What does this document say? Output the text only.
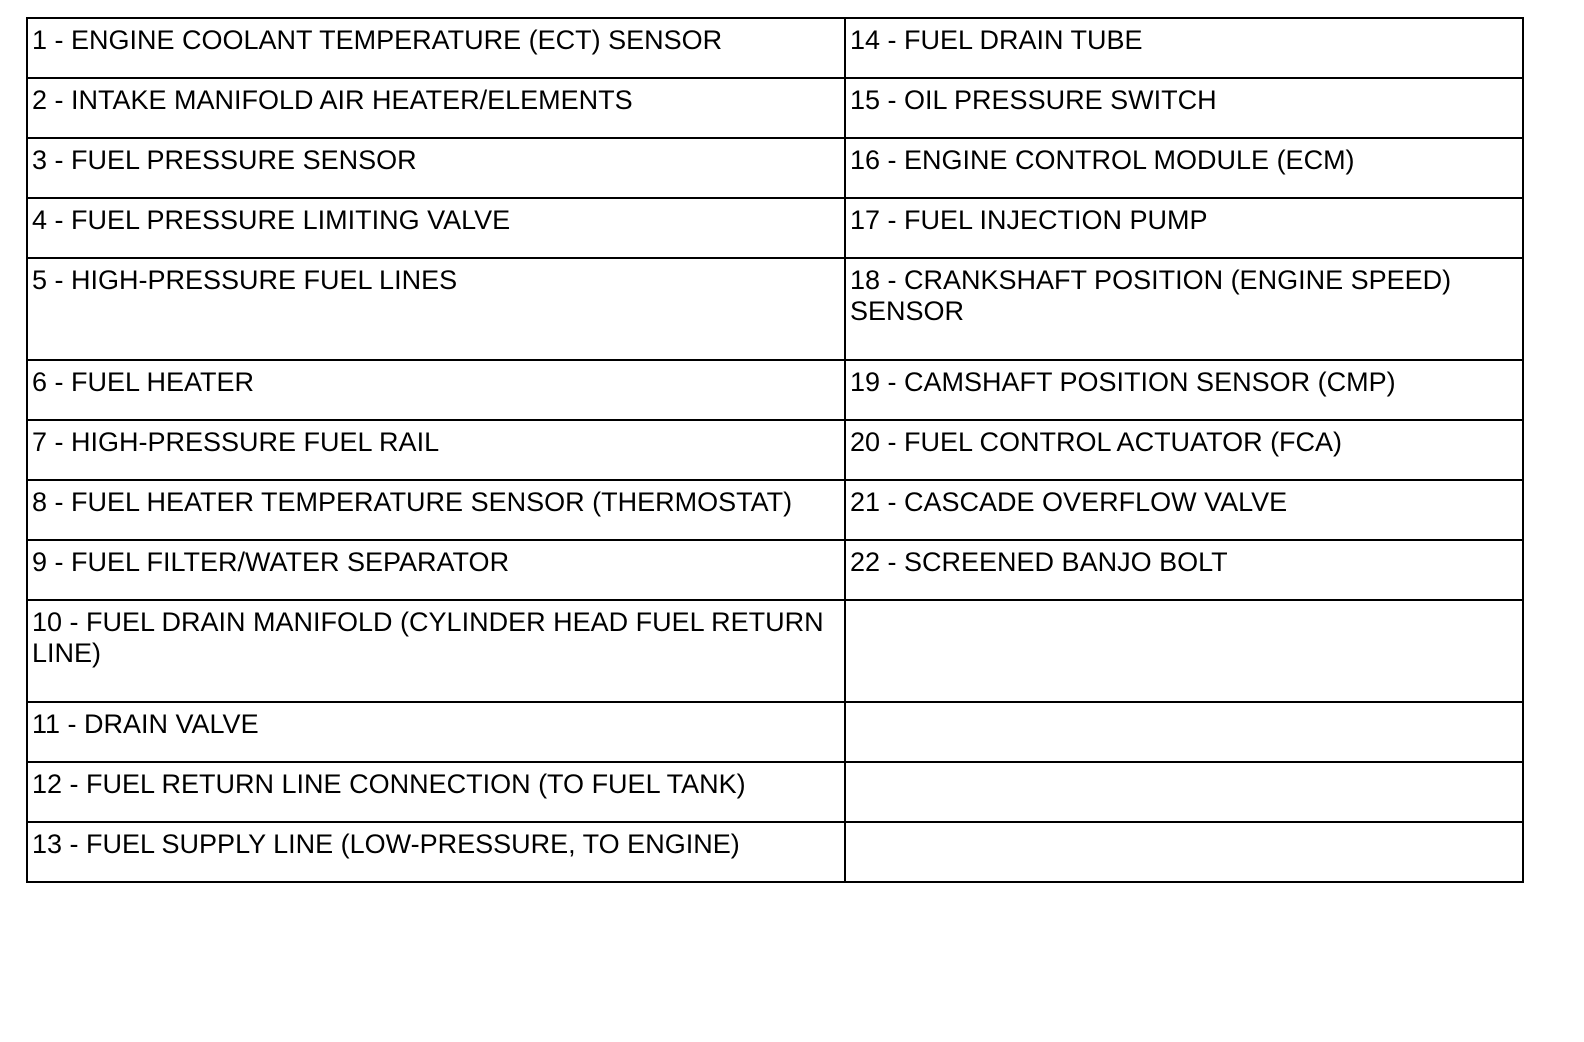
1 - ENGINE COOLANT TEMPERATURE (ECT) SENSOR	14 - FUEL DRAIN TUBE
2 - INTAKE MANIFOLD AIR HEATER/ELEMENTS	15 - OIL PRESSURE SWITCH
3 - FUEL PRESSURE SENSOR	16 - ENGINE CONTROL MODULE (ECM)
4 - FUEL PRESSURE LIMITING VALVE	17 - FUEL INJECTION PUMP
5 - HIGH-PRESSURE FUEL LINES	18 - CRANKSHAFT POSITION (ENGINE SPEED) SENSOR
6 - FUEL HEATER	19 - CAMSHAFT POSITION SENSOR (CMP)
7 - HIGH-PRESSURE FUEL RAIL	20 - FUEL CONTROL ACTUATOR (FCA)
8 - FUEL HEATER TEMPERATURE SENSOR (THERMOSTAT)	21 - CASCADE OVERFLOW VALVE
9 - FUEL FILTER/WATER SEPARATOR	22 - SCREENED BANJO BOLT
10 - FUEL DRAIN MANIFOLD (CYLINDER HEAD FUEL RETURN LINE)	
11 - DRAIN VALVE	
12 - FUEL RETURN LINE CONNECTION (TO FUEL TANK)	
13 - FUEL SUPPLY LINE (LOW-PRESSURE, TO ENGINE)	
